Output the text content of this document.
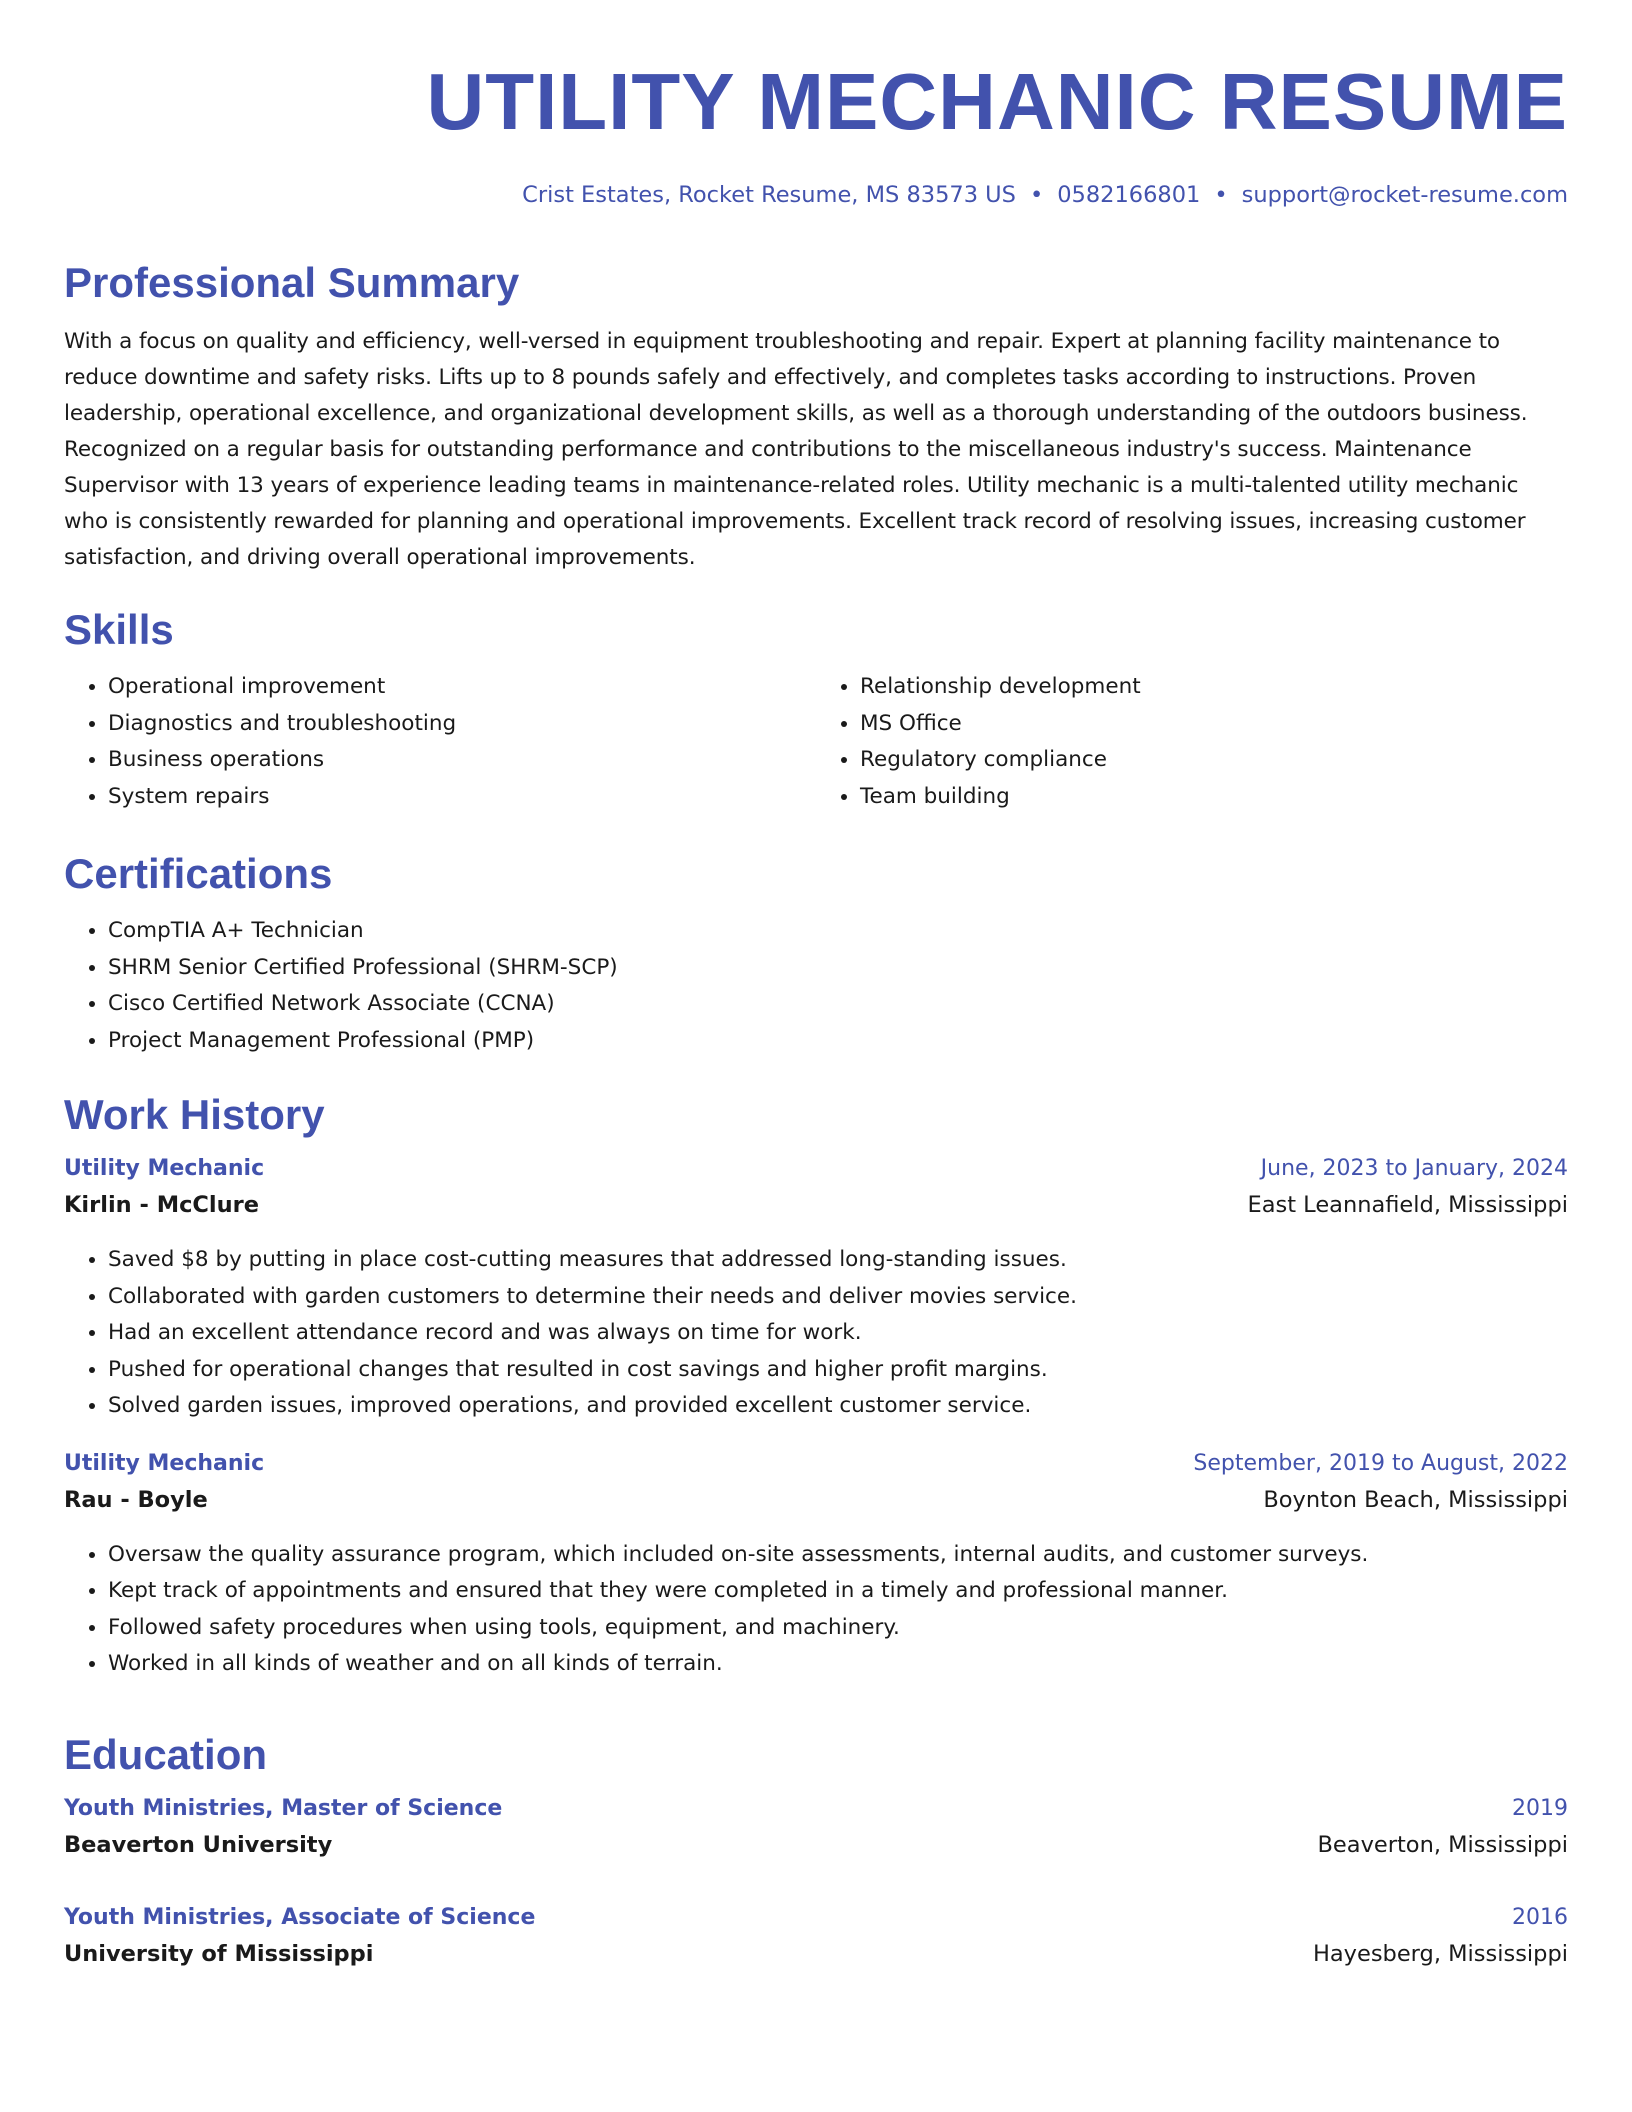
UTILITY MECHANIC RESUME
Crist Estates, Rocket Resume, MS 83573 US • 0582166801 • support@rocket-resume.com
Professional Summary

With a focus on quality and efficiency, well-versed in equipment troubleshooting and repair. Expert at planning facility maintenance to reduce downtime and safety risks. Lifts up to 8 pounds safely and effectively, and completes tasks according to instructions. Proven leadership, operational excellence, and organizational development skills, as well as a thorough understanding of the outdoors business. Recognized on a regular basis for outstanding performance and contributions to the miscellaneous industry's success. Maintenance Supervisor with 13 years of experience leading teams in maintenance-related roles. Utility mechanic is a multi-talented utility mechanic who is consistently rewarded for planning and operational improvements. Excellent track record of resolving issues, increasing customer satisfaction, and driving overall operational improvements.

Skills
• Operational improvement
• Diagnostics and troubleshooting
• Business operations
• System repairs
• Relationship development
• MS Office
• Regulatory compliance
• Team building
Certifications
• CompTIA A+ Technician
• SHRM Senior Certified Professional (SHRM-SCP)
• Cisco Certified Network Associate (CCNA)
• Project Management Professional (PMP)
Work History
Utility Mechanic	June, 2023 to January, 2024
Kirlin - McClure	East Leannafield, Mississippi
• Saved $8 by putting in place cost-cutting measures that addressed long-standing issues.
• Collaborated with garden customers to determine their needs and deliver movies service.
• Had an excellent attendance record and was always on time for work.
• Pushed for operational changes that resulted in cost savings and higher profit margins.
• Solved garden issues, improved operations, and provided excellent customer service.
Utility Mechanic	September, 2019 to August, 2022
Rau - Boyle	Boynton Beach, Mississippi
• Oversaw the quality assurance program, which included on-site assessments, internal audits, and customer surveys.
• Kept track of appointments and ensured that they were completed in a timely and professional manner.
• Followed safety procedures when using tools, equipment, and machinery.
• Worked in all kinds of weather and on all kinds of terrain.
Education
Youth Ministries, Master of Science	2019
Beaverton University	Beaverton, Mississippi
Youth Ministries, Associate of Science	2016
University of Mississippi	Hayesberg, Mississippi
